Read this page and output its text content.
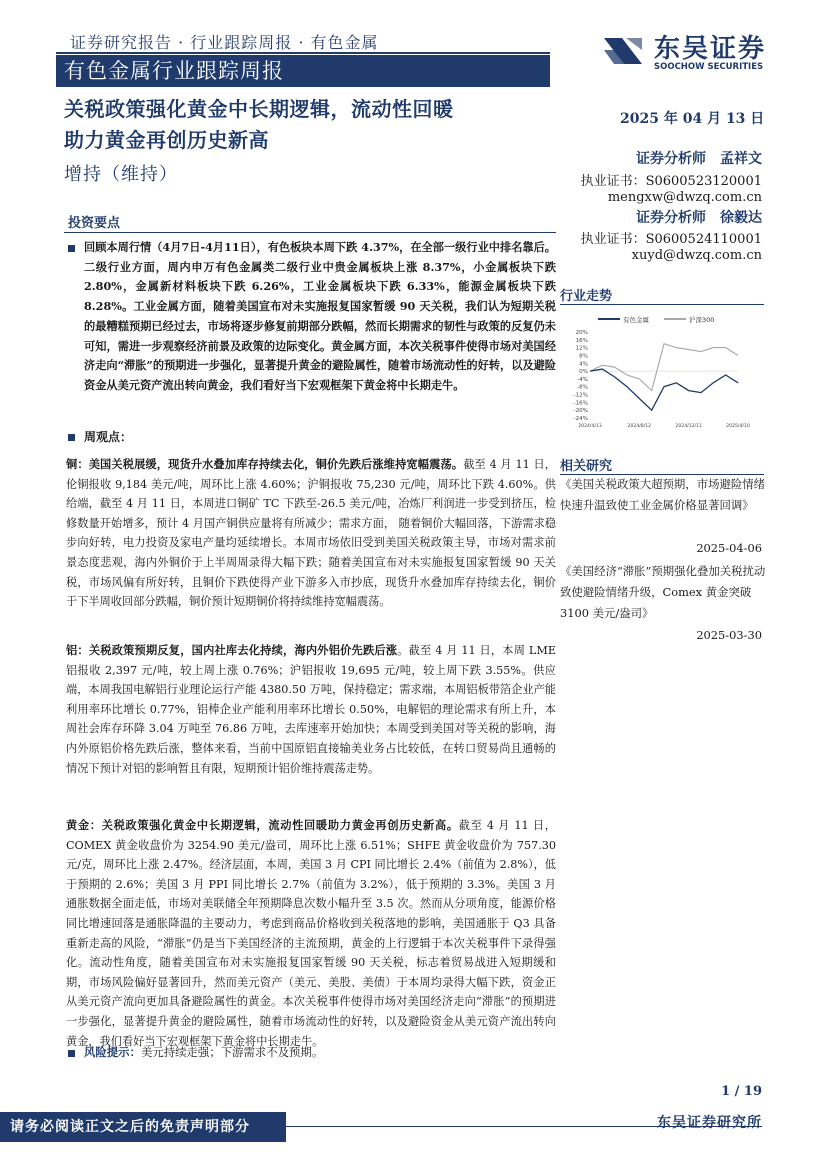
证券研究报告 · 行业跟踪周报 · 有色金属
有色金属行业跟踪周报
东吴证券
SOOCHOW SECURITIES
关税政策强化黄金中长期逻辑，流动性回暖
助力黄金再创历史新高
增持（维持）
2025 年 04 月 13 日
证券分析师　孟祥文
执业证书：S0600523120001
mengxw@dwzq.com.cn
证券分析师　徐毅达
执业证书：S0600524110001
xuyd@dwzq.com.cn
投资要点
回顾本周行情（4月7日-4月11日），有色板块本周下跌 4.37%，在全部一级行业中排名靠后。二级行业方面，周内申万有色金属类二级行业中贵金属板块上涨 8.37%，小金属板块下跌 2.80%，金属新材料板块下跌 6.26%，工业金属板块下跌 6.33%，能源金属板块下跌 8.28%。工业金属方面，随着美国宣布对未实施报复国家暂缓 90 天关税，我们认为短期关税的最糟糕预期已经过去，市场将逐步修复前期部分跌幅，然而长期需求的韧性与政策的反复仍未可知，需进一步观察经济前景及政策的边际变化。黄金属方面，本次关税事件使得市场对美国经济走向“滞胀”的预期进一步强化，显著提升黄金的避险属性，随着市场流动性的好转，以及避险资金从美元资产流出转向黄金，我们看好当下宏观框架下黄金将中长期走牛。
周观点：
铜：美国关税展缓，现货升水叠加库存持续去化，铜价先跌后涨维持宽幅震荡。截至 4 月 11 日，伦铜报收 9,184 美元/吨，周环比上涨 4.60%；沪铜报收 75,230 元/吨，周环比下跌 4.60%。供给端，截至 4 月 11 日，本周进口铜矿 TC 下跌至-26.5 美元/吨，冶炼厂利润进一步受到挤压，检修数量开始增多，预计 4 月国产铜供应量将有所减少；需求方面， 随着铜价大幅回落，下游需求稳步向好转，电力投资及家电产量均延续增长。本周市场依旧受到美国关税政策主导，市场对需求前景态度悲观，海内外铜价于上半周周录得大幅下跌；随着美国宣布对未实施报复国家暂缓 90 天关税，市场风偏有所好转，且铜价下跌使得产业下游多入市抄底，现货升水叠加库存持续去化，铜价于下半周收回部分跌幅，铜价预计短期铜价将持续维持宽幅震荡。
铝：关税政策预期反复，国内社库去化持续，海内外铝价先跌后涨。截至 4 月 11 日，本周 LME 铝报收 2,397 元/吨，较上周上涨 0.76%；沪铝报收 19,695 元/吨，较上周下跌 3.55%。供应端，本周我国电解铝行业理论运行产能 4380.50 万吨，保持稳定；需求端，本周铝板带箔企业产能利用率环比增长 0.77%，铝棒企业产能利用率环比增长 0.50%，电解铝的理论需求有所上升，本周社会库存环降 3.04 万吨至 76.86 万吨，去库速率开始加快；本周受到美国对等关税的影响，海内外原铝价格先跌后涨，整体来看，当前中国原铝直接输美业务占比较低，在转口贸易尚且通畅的情况下预计对铝的影响暂且有限，短期预计铝价维持震荡走势。
黄金：关税政策强化黄金中长期逻辑，流动性回暖助力黄金再创历史新高。截至 4 月 11 日，COMEX 黄金收盘价为 3254.90 美元/盎司，周环比上涨 6.51%；SHFE 黄金收盘价为 757.30 元/克，周环比上涨 2.47%。经济层面，本周，美国 3 月 CPI 同比增长 2.4%（前值为 2.8%），低于预期的 2.6%；美国 3 月 PPI 同比增长 2.7%（前值为 3.2%），低于预期的 3.3%。美国 3 月通胀数据全面走低，市场对美联储全年预期降息次数小幅升至 3.5 次。然而从分项角度，能源价格同比增速回落是通胀降温的主要动力，考虑到商品价格收到关税落地的影响，美国通胀于 Q3 具备重新走高的风险，“滞胀”仍是当下美国经济的主流预期，黄金的上行逻辑于本次关税事件下录得强化。流动性角度，随着美国宣布对未实施报复国家暂缓 90 天关税，标志着贸易战进入短期缓和期，市场风险偏好显著回升，然而美元资产（美元、美股、美债）于本周均录得大幅下跌，资金正从美元资产流向更加具备避险属性的黄金。本次关税事件使得市场对美国经济走向“滞胀”的预期进一步强化，显著提升黄金的避险属性，随着市场流动性的好转，以及避险资金从美元资产流出转向黄金，我们看好当下宏观框架下黄金将中长期走牛。
风险提示：美元持续走强；下游需求不及预期。
行业走势
有色金属	沪深300
20%
16%
12%
8%
4%
0%
-4%
-8%
-12%
-16%
-20%
-24%
2024/4/13	2024/8/12	2024/12/11	2025/4/10
相关研究
《美国关税政策大超预期，市场避险情绪快速升温致使工业金属价格显著回调》
2025-04-06
《美国经济“滞胀”预期强化叠加关税扰动致使避险情绪升级，Comex 黄金突破 3100 美元/盎司》
2025-03-30
1 / 19
请务必阅读正文之后的免责声明部分	东吴证券研究所
